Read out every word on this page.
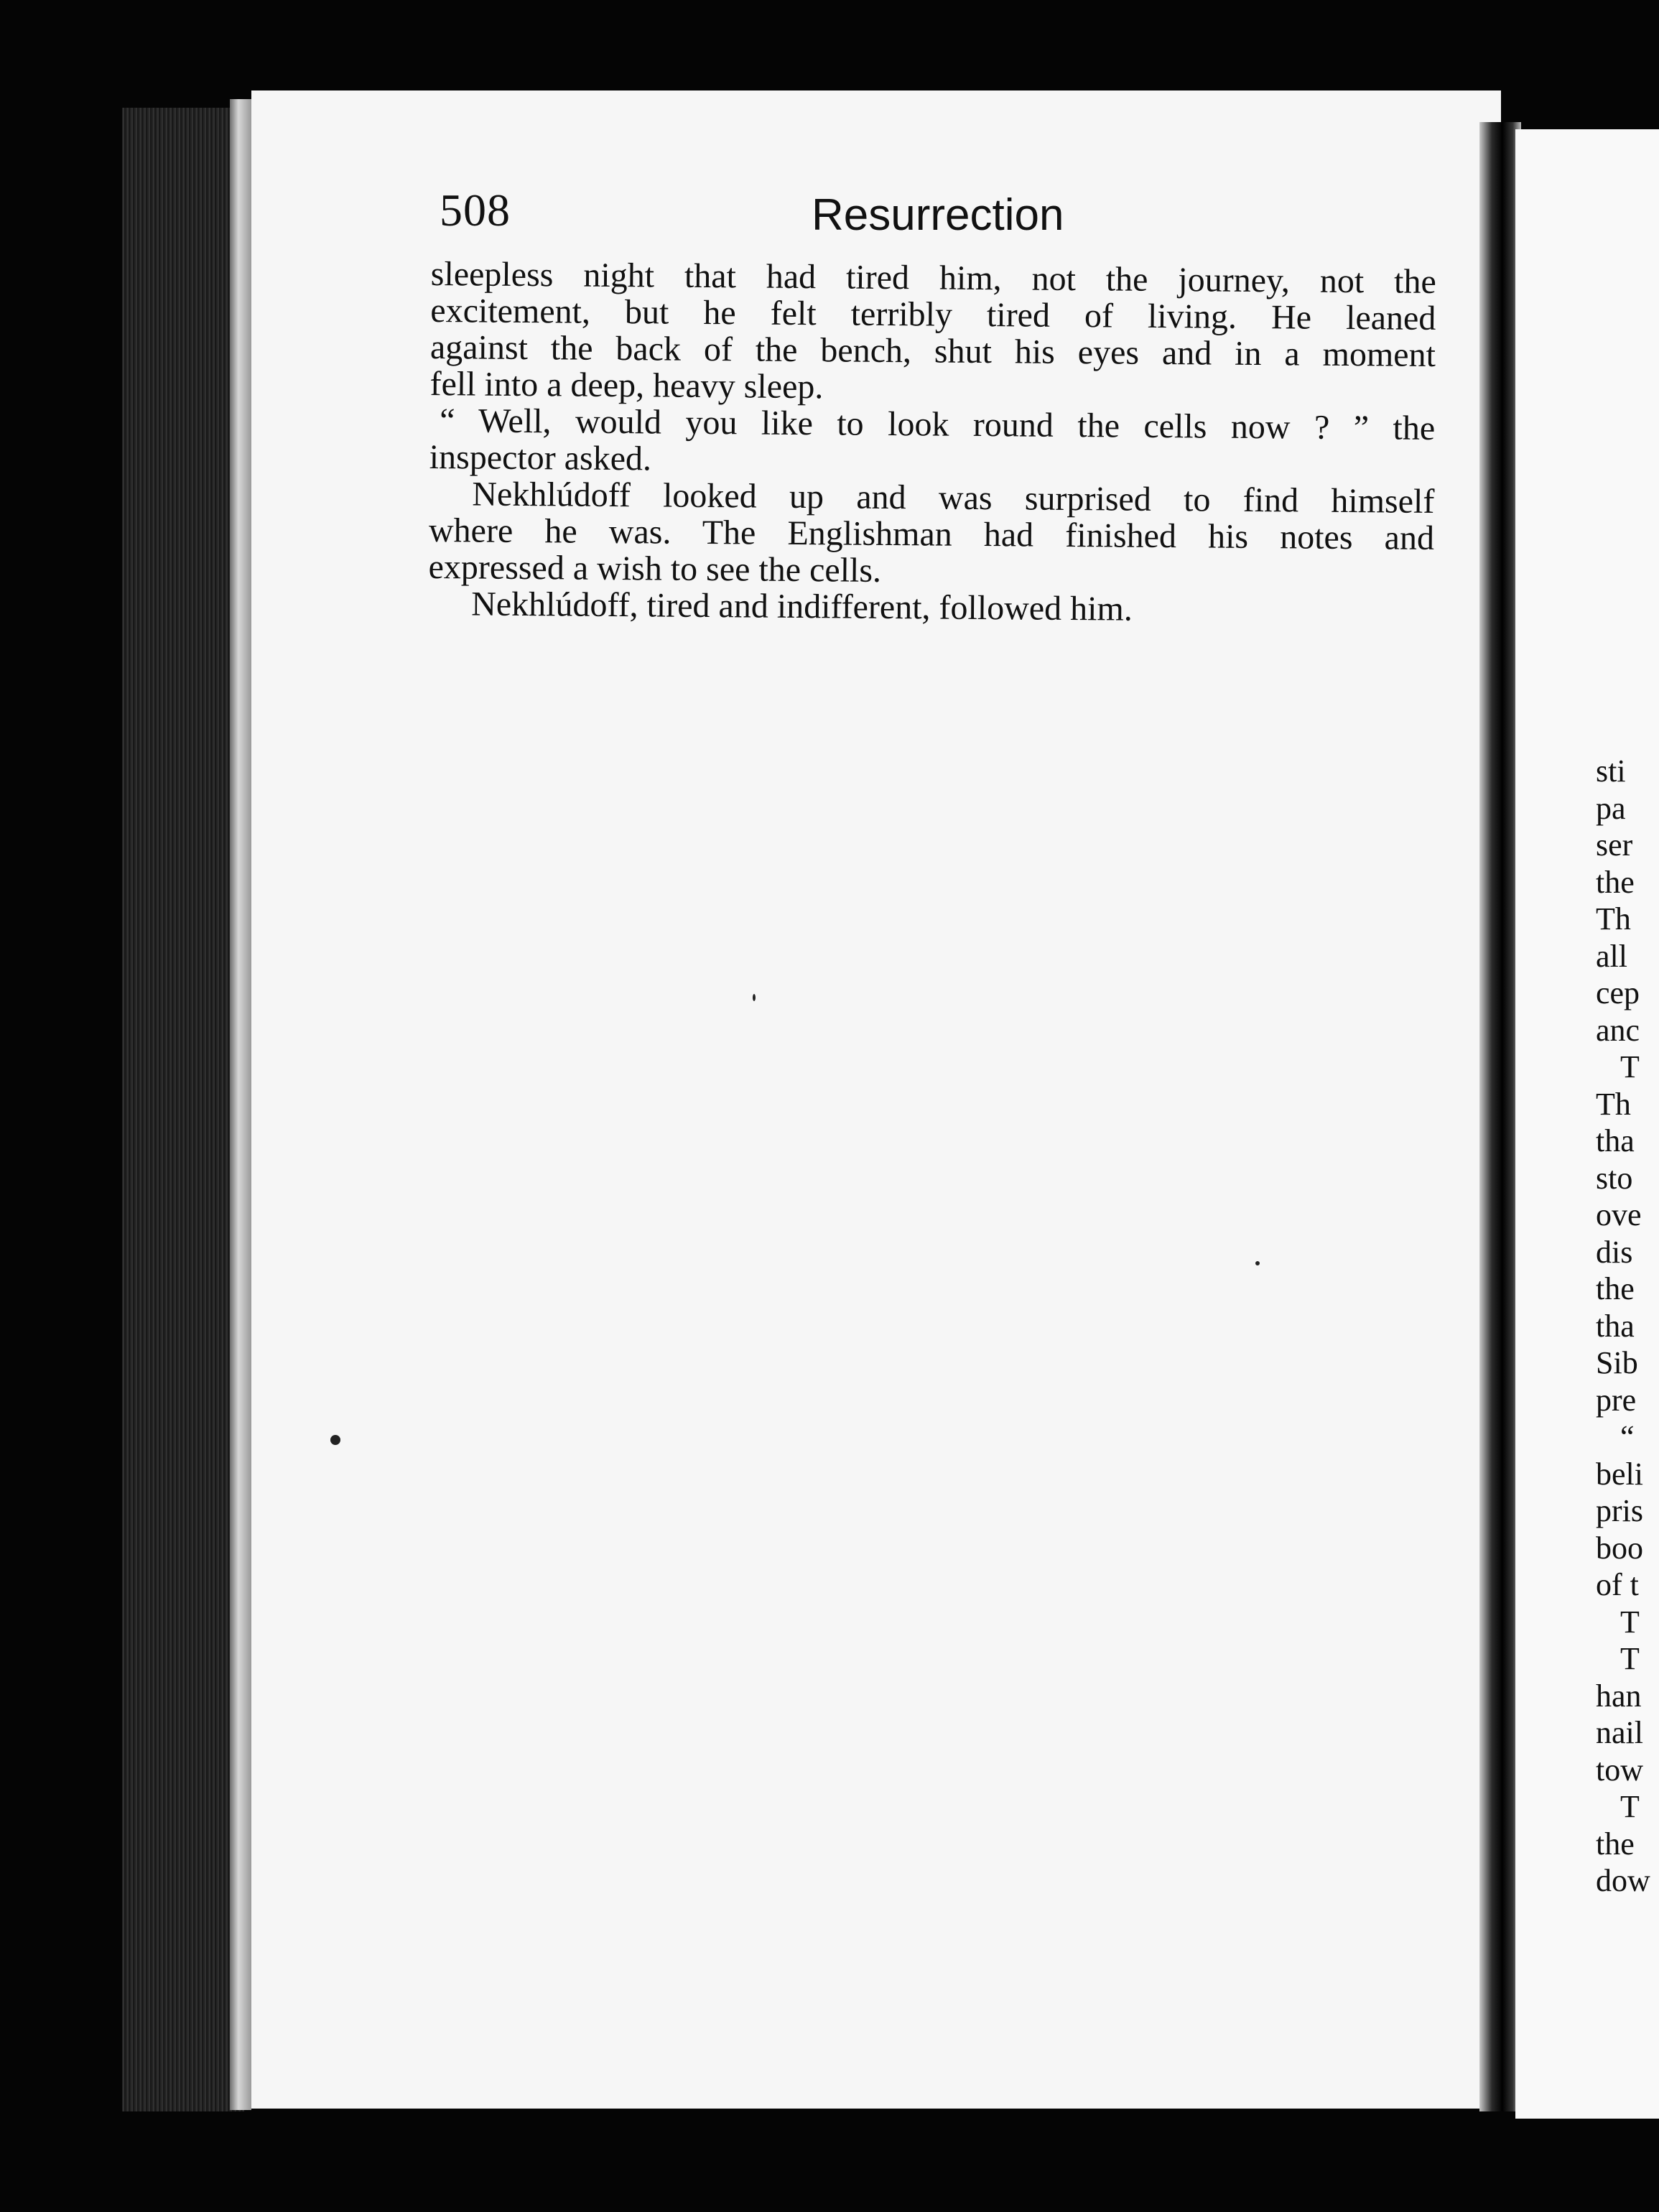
508	Resurrection
sleepless night that had tired him, not the journey, not the
excitement, but he felt terribly tired of living. He leaned
against the back of the bench, shut his eyes and in a moment
fell into a deep, heavy sleep.
“ Well, would you like to look round the cells now ? ” the
inspector asked.
Nekhlúdoff looked up and was surprised to find himself
where he was. The Englishman had finished his notes and
expressed a wish to see the cells.
Nekhlúdoff, tired and indifferent, followed him.
sti
pa
ser
the
Th
all
cep
anc
T
Th
tha
sto
ove
dis
the
tha
Sib
pre
“
beli
pris
boo
of t
T
T
han
nail
tow
T
the
dow
